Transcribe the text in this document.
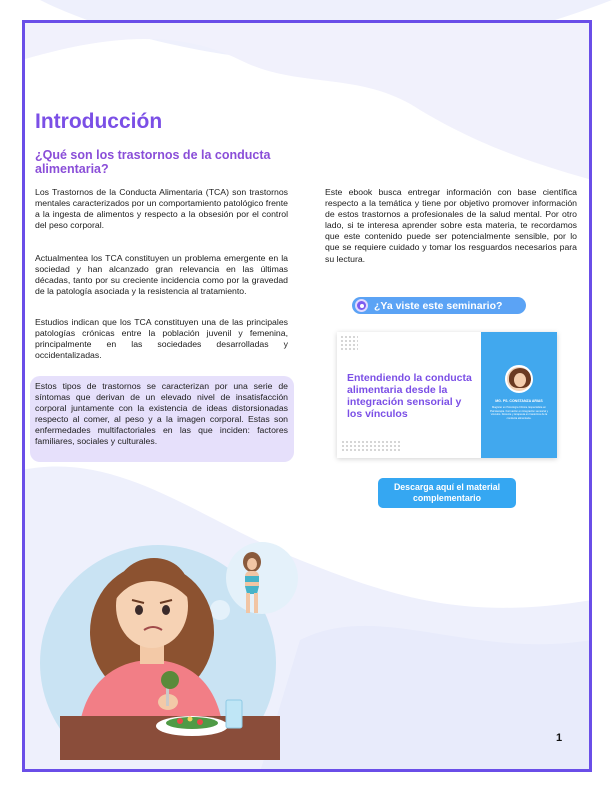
Introducción
¿Qué son los trastornos de la conducta alimentaria?

Los Trastornos de la Conducta Alimentaria (TCA) son trastornos mentales caracterizados por un comportamiento patológico frente a la ingesta de alimentos y respecto a la obsesión por el control del peso corporal.

Actualmentea los TCA constituyen un problema emergente en la sociedad y han alcanzado gran relevancia en las últimas décadas, tanto por su creciente incidencia como por la gravedad de la patología asociada y la resistencia al tratamiento.

Estudios indican que los TCA constituyen una de las principales patologías crónicas entre la población juvenil y femenina, principalmente en las sociedades desarrolladas y occidentalizadas.

Estos tipos de trastornos se caracterizan por una serie de síntomas que derivan de un elevado nivel de insatisfacción corporal juntamente con la existencia de ideas distorsionadas respecto al comer, al peso y a la imagen corporal. Estas son enfermedades multifactoriales en las que inciden: factores familiares, sociales y culturales.

Este ebook busca entregar información con base científica respecto a la temática y tiene por objetivo promover información de estos trastornos a profesionales de la salud mental. Por otro lado, si te interesa aprender sobre esta materia, te recordamos que este contenido puede ser potencialmente sensible, por lo que se requiere cuidado y tomar los resguardos necesarios para su lectura.

¿Ya viste este seminario?
Entendiendo la conducta alimentaria desde la integración sensorial y los vínculos
MG. PS. CONSTANZA ARIAS
Magíster en Psicología Clínica. Especialista en Psicoterapia. Formación en integración sensorial y vínculos. Docente y terapeuta en trastornos de la conducta alimentaria.
Descarga aquí el material complementario
1
